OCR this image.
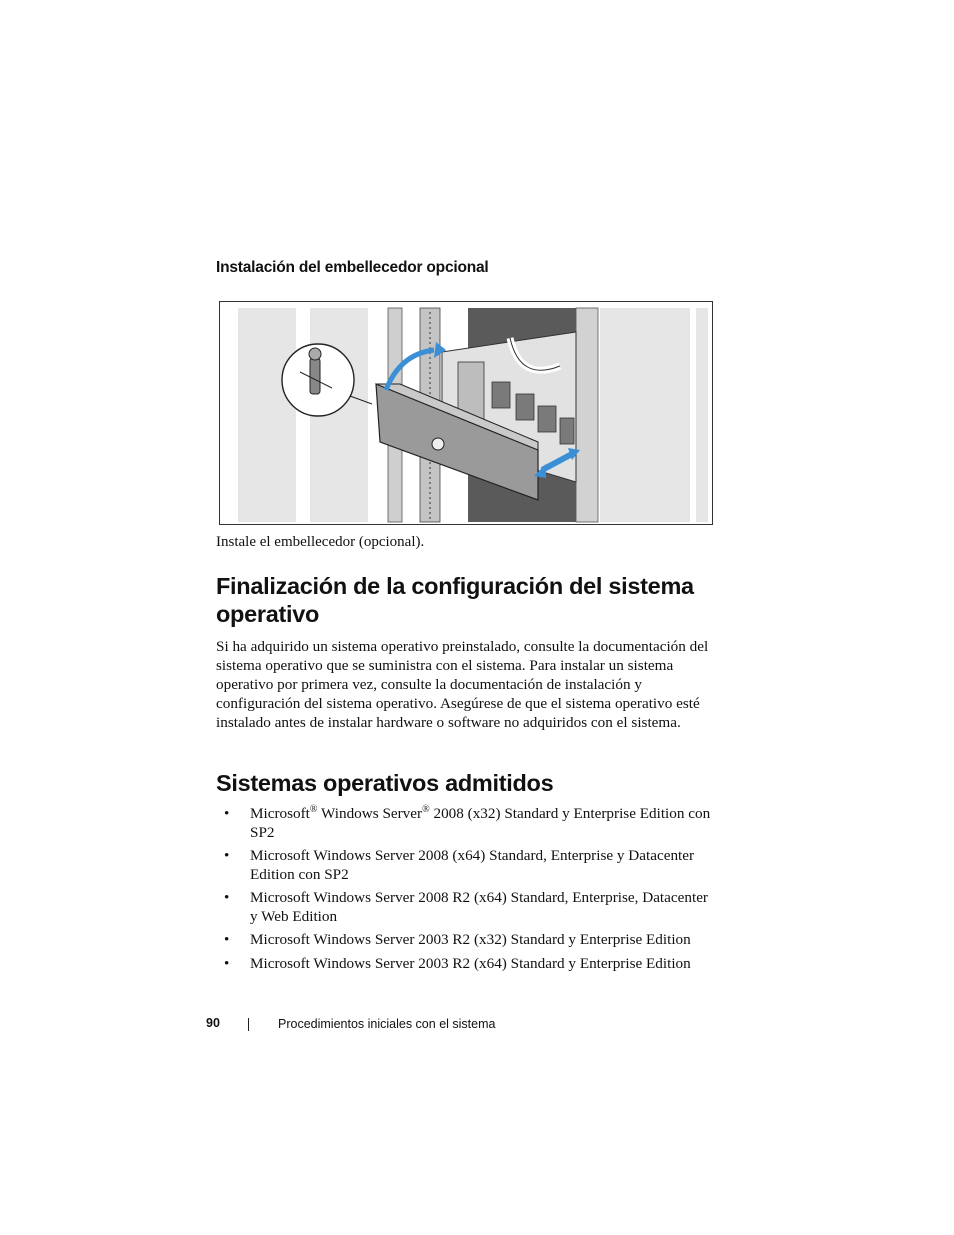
Instalación del embellecedor opcional
Instale el embellecedor (opcional).
Finalización de la configuración del sistema operativo

Si ha adquirido un sistema operativo preinstalado, consulte la documentación del sistema operativo que se suministra con el sistema. Para instalar un sistema operativo por primera vez, consulte la documentación de instalación y configuración del sistema operativo. Asegúrese de que el sistema operativo esté instalado antes de instalar hardware o software no adquiridos con el sistema.

Sistemas operativos admitidos
• Microsoft® Windows Server® 2008 (x32) Standard y Enterprise Edition con SP2
• Microsoft Windows Server 2008 (x64) Standard, Enterprise y Datacenter Edition con SP2
• Microsoft Windows Server 2008 R2 (x64) Standard, Enterprise, Datacenter y Web Edition
• Microsoft Windows Server 2003 R2 (x32) Standard y Enterprise Edition
• Microsoft Windows Server 2003 R2 (x64) Standard y Enterprise Edition
90	Procedimientos iniciales con el sistema
